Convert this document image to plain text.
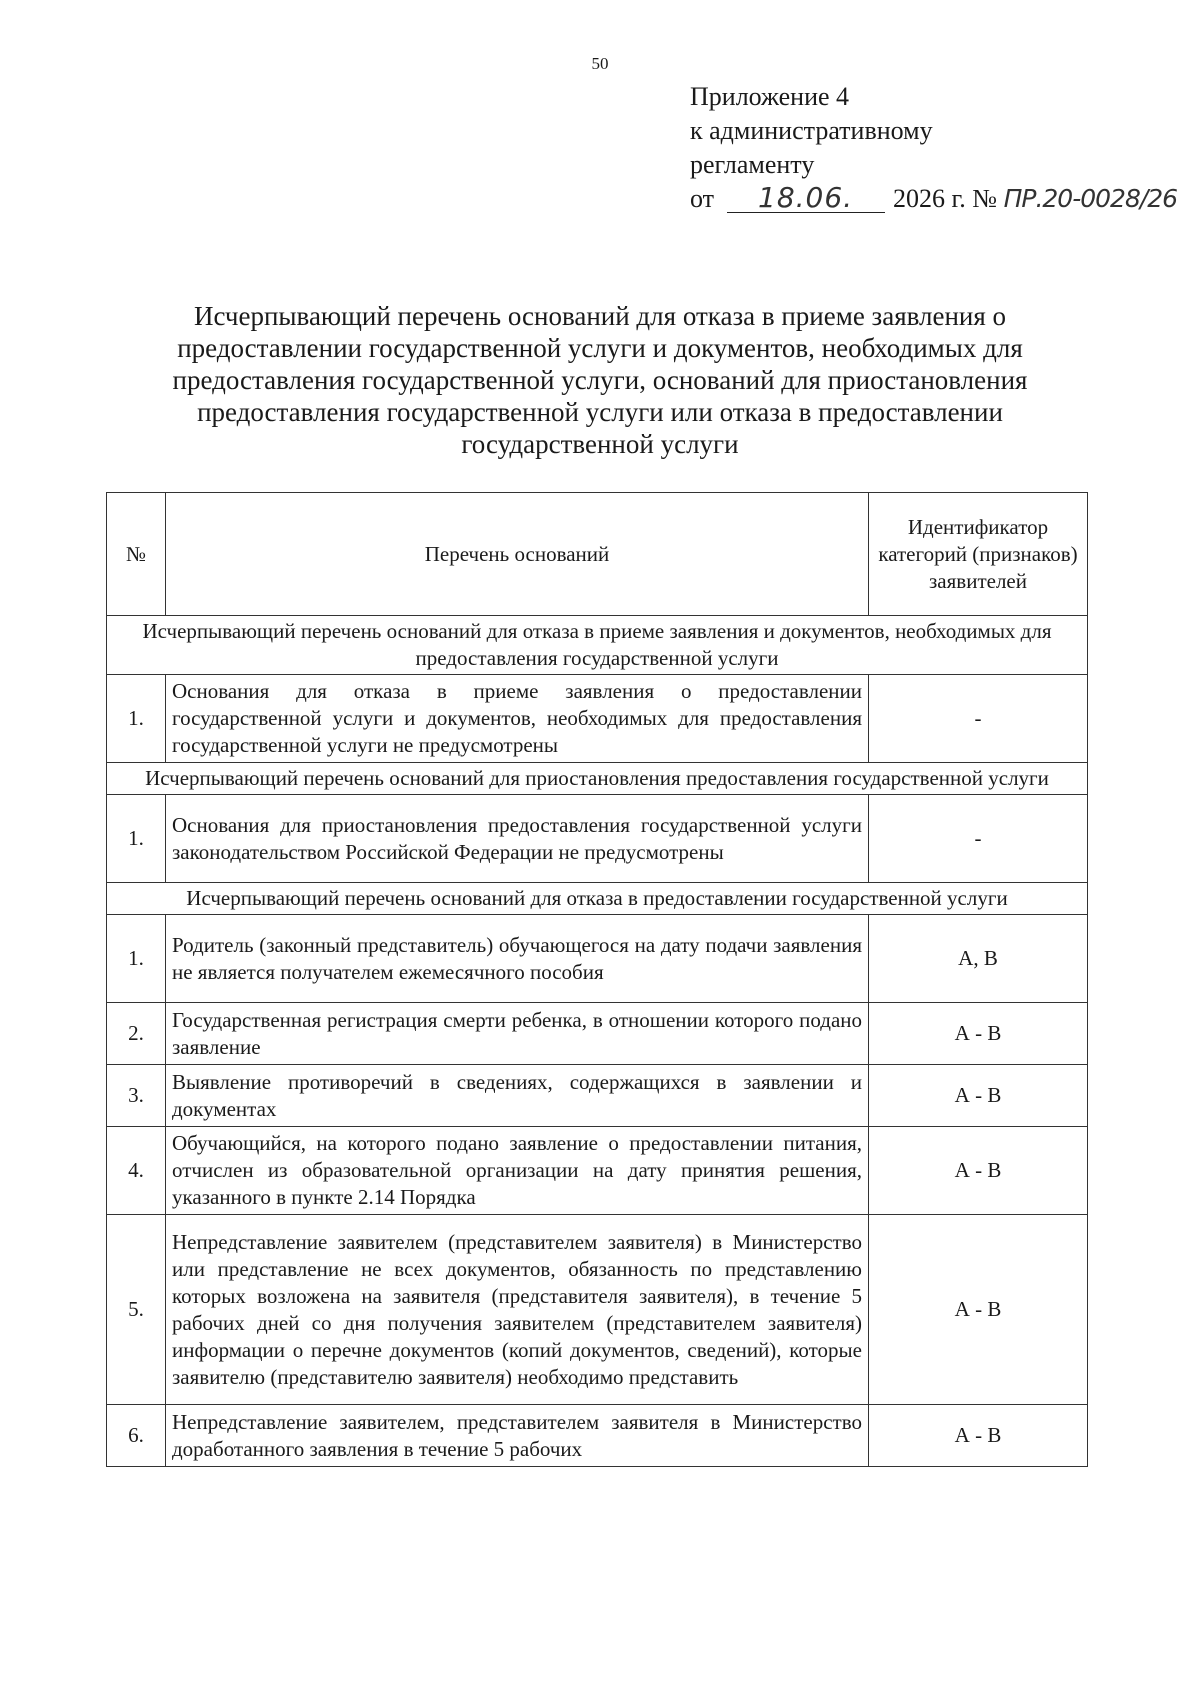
50
Приложение 4
к административному
регламенту
от 18.06. 2026 г. № ПР.20-0028/26
Исчерпывающий перечень оснований для отказа в приеме заявления о предоставлении государственной услуги и документов, необходимых для предоставления государственной услуги, оснований для приостановления предоставления государственной услуги или отказа в предоставлении государственной услуги
№	Перечень оснований	Идентификатор категорий (признаков) заявителей
Исчерпывающий перечень оснований для отказа в приеме заявления и документов, необходимых для предоставления государственной услуги		
1.	Основания для отказа в приеме заявления о предоставлении государственной услуги и документов, необходимых для предоставления государственной услуги не предусмотрены	-
Исчерпывающий перечень оснований для приостановления предоставления государственной услуги		
1.	Основания для приостановления предоставления государственной услуги законодательством Российской Федерации не предусмотрены	-
Исчерпывающий перечень оснований для отказа в предоставлении государственной услуги		
1.	Родитель (законный представитель) обучающегося на дату подачи заявления не является получателем ежемесячного пособия	А, В
2.	Государственная регистрация смерти ребенка, в отношении которого подано заявление	А - В
3.	Выявление противоречий в сведениях, содержащихся в заявлении и документах	А - В
4.	Обучающийся, на которого подано заявление о предоставлении питания, отчислен из образовательной организации на дату принятия решения, указанного в пункте 2.14 Порядка	А - В
5.	Непредставление заявителем (представителем заявителя) в Министерство или представление не всех документов, обязанность по представлению которых возложена на заявителя (представителя заявителя), в течение 5 рабочих дней со дня получения заявителем (представителем заявителя) информации о перечне документов (копий документов, сведений), которые заявителю (представителю заявителя) необходимо представить	А - В
6.	Непредставление заявителем, представителем заявителя в Министерство доработанного заявления в течение 5 рабочих	А - В
